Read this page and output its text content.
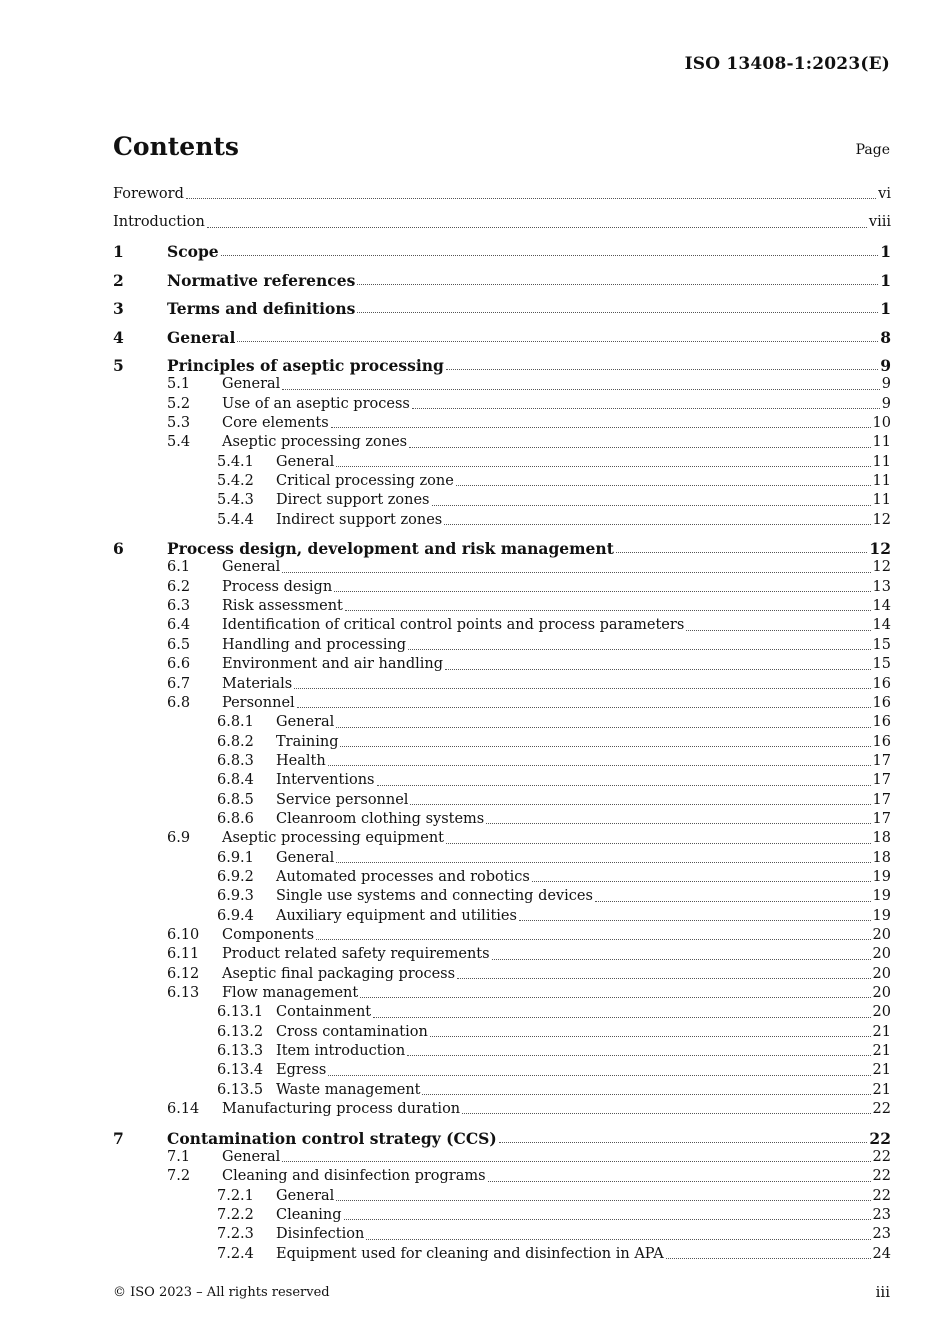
ISO 13408-1:2023(E)
Contents	Page
Foreword	vi
Introduction	viii
1	Scope	1
2	Normative references	1
3	Terms and definitions	1
4	General	8
5	Principles of aseptic processing	9
5.1 General	9
5.2 Use of an aseptic process	9
5.3 Core elements	10
5.4 Aseptic processing zones	11
5.4.1 General	11
5.4.2 Critical processing zone	11
5.4.3 Direct support zones	11
5.4.4 Indirect support zones	12
6	Process design, development and risk management	12
6.1 General	12
6.2 Process design	13
6.3 Risk assessment	14
6.4 Identification of critical control points and process parameters	14
6.5 Handling and processing	15
6.6 Environment and air handling	15
6.7 Materials	16
6.8 Personnel	16
6.8.1 General	16
6.8.2 Training	16
6.8.3 Health	17
6.8.4 Interventions	17
6.8.5 Service personnel	17
6.8.6 Cleanroom clothing systems	17
6.9 Aseptic processing equipment	18
6.9.1 General	18
6.9.2 Automated processes and robotics	19
6.9.3 Single use systems and connecting devices	19
6.9.4 Auxiliary equipment and utilities	19
6.10 Components	20
6.11 Product related safety requirements	20
6.12 Aseptic final packaging process	20
6.13 Flow management	20
6.13.1 Containment	20
6.13.2 Cross contamination	21
6.13.3 Item introduction	21
6.13.4 Egress	21
6.13.5 Waste management	21
6.14 Manufacturing process duration	22
7	Contamination control strategy (CCS)	22
7.1 General	22
7.2 Cleaning and disinfection programs	22
7.2.1 General	22
7.2.2 Cleaning	23
7.2.3 Disinfection	23
7.2.4 Equipment used for cleaning and disinfection in APA	24
© ISO 2023 – All rights reserved	iii
